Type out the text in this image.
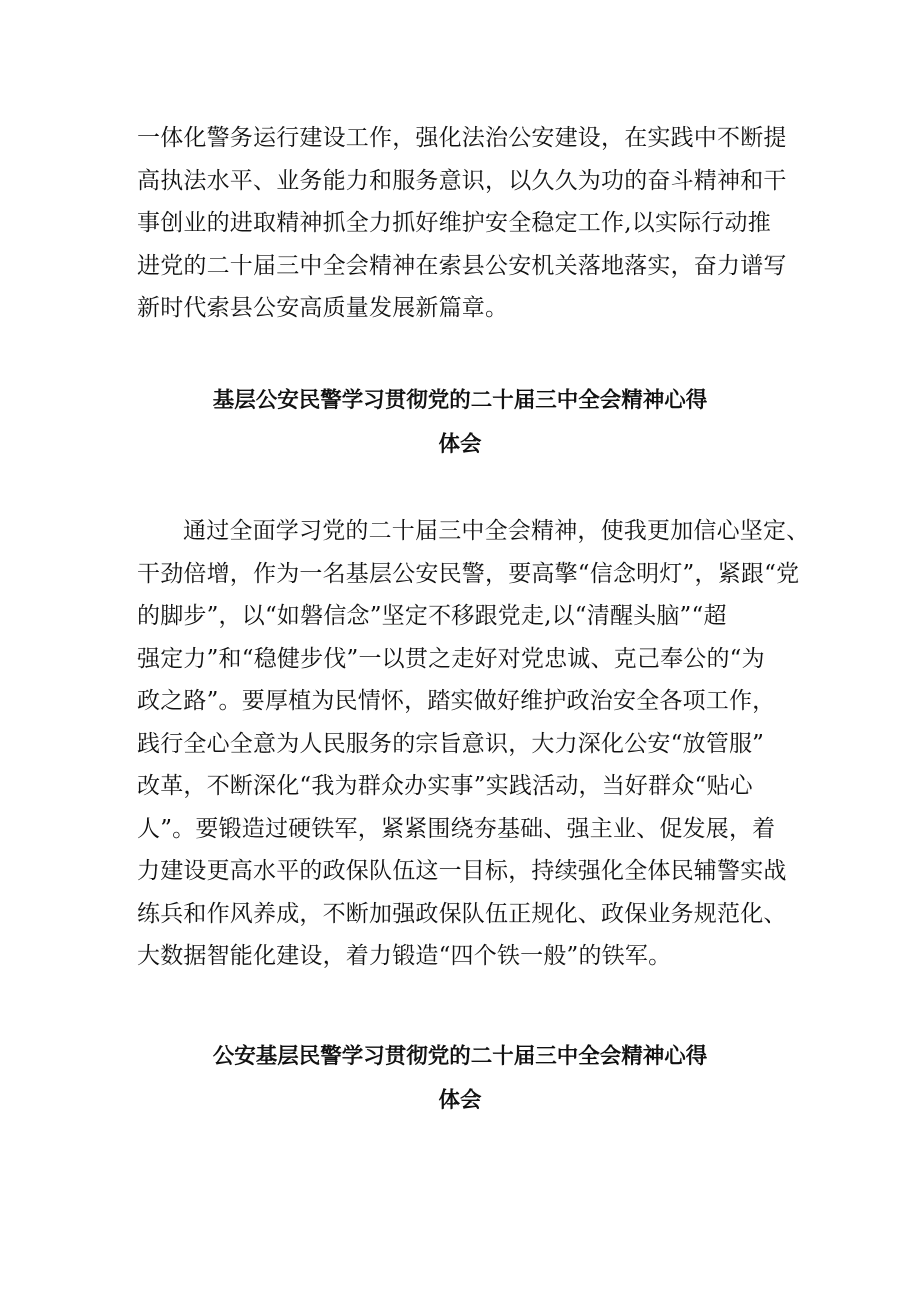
一体化警务运行建设工作，强化法治公安建设，在实践中不断提
高执法水平、业务能力和服务意识，以久久为功的奋斗精神和干
事创业的进取精神抓全力抓好维护安全稳定工作,以实际行动推
进党的二十届三中全会精神在索县公安机关落地落实，奋力谱写
新时代索县公安高质量发展新篇章。
基层公安民警学习贯彻党的二十届三中全会精神心得
体会
通过全面学习党的二十届三中全会精神，使我更加信心坚定、
干劲倍增，作为一名基层公安民警，要高擎“信念明灯”，紧跟“党
的脚步”，以“如磐信念”坚定不移跟党走,以“清醒头脑”“超
强定力”和“稳健步伐”一以贯之走好对党忠诚、克己奉公的“为
政之路”。要厚植为民情怀，踏实做好维护政治安全各项工作，
践行全心全意为人民服务的宗旨意识，大力深化公安“放管服”
改革，不断深化“我为群众办实事”实践活动，当好群众“贴心
人”。要锻造过硬铁军，紧紧围绕夯基础、强主业、促发展，着
力建设更高水平的政保队伍这一目标，持续强化全体民辅警实战
练兵和作风养成，不断加强政保队伍正规化、政保业务规范化、
大数据智能化建设，着力锻造“四个铁一般”的铁军。
公安基层民警学习贯彻党的二十届三中全会精神心得
体会
